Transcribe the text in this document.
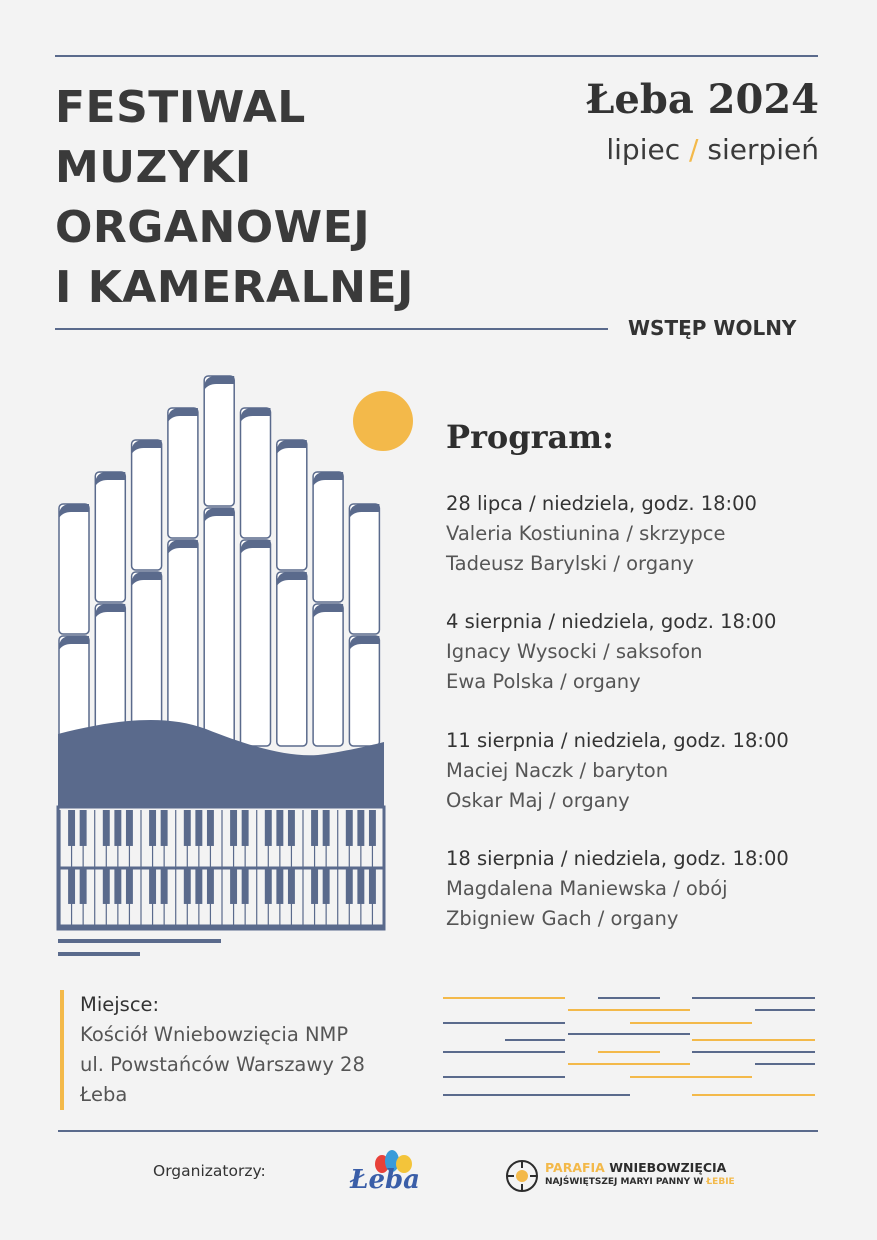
FESTIWAL
MUZYKI
ORGANOWEJ
I KAMERALNEJ
Łeba 2024
lipiec / sierpień
WSTĘP WOLNY
Program:
28 lipca / niedziela, godz. 18:00
Valeria Kostiunina / skrzypce
Tadeusz Barylski / organy
4 sierpnia / niedziela, godz. 18:00
Ignacy Wysocki / saksofon
Ewa Polska / organy
11 sierpnia / niedziela, godz. 18:00
Maciej Naczk / baryton
Oskar Maj / organy
18 sierpnia / niedziela, godz. 18:00
Magdalena Maniewska / obój
Zbigniew Gach / organy
Miejsce:
Kościół Wniebowzięcia NMP
ul. Powstańców Warszawy 28
Łeba
Organizatorzy:	Łeba	PARAFIA WNIEBOWZIĘCIA
NAJŚWIĘTSZEJ MARYI PANNY W ŁEBIE
